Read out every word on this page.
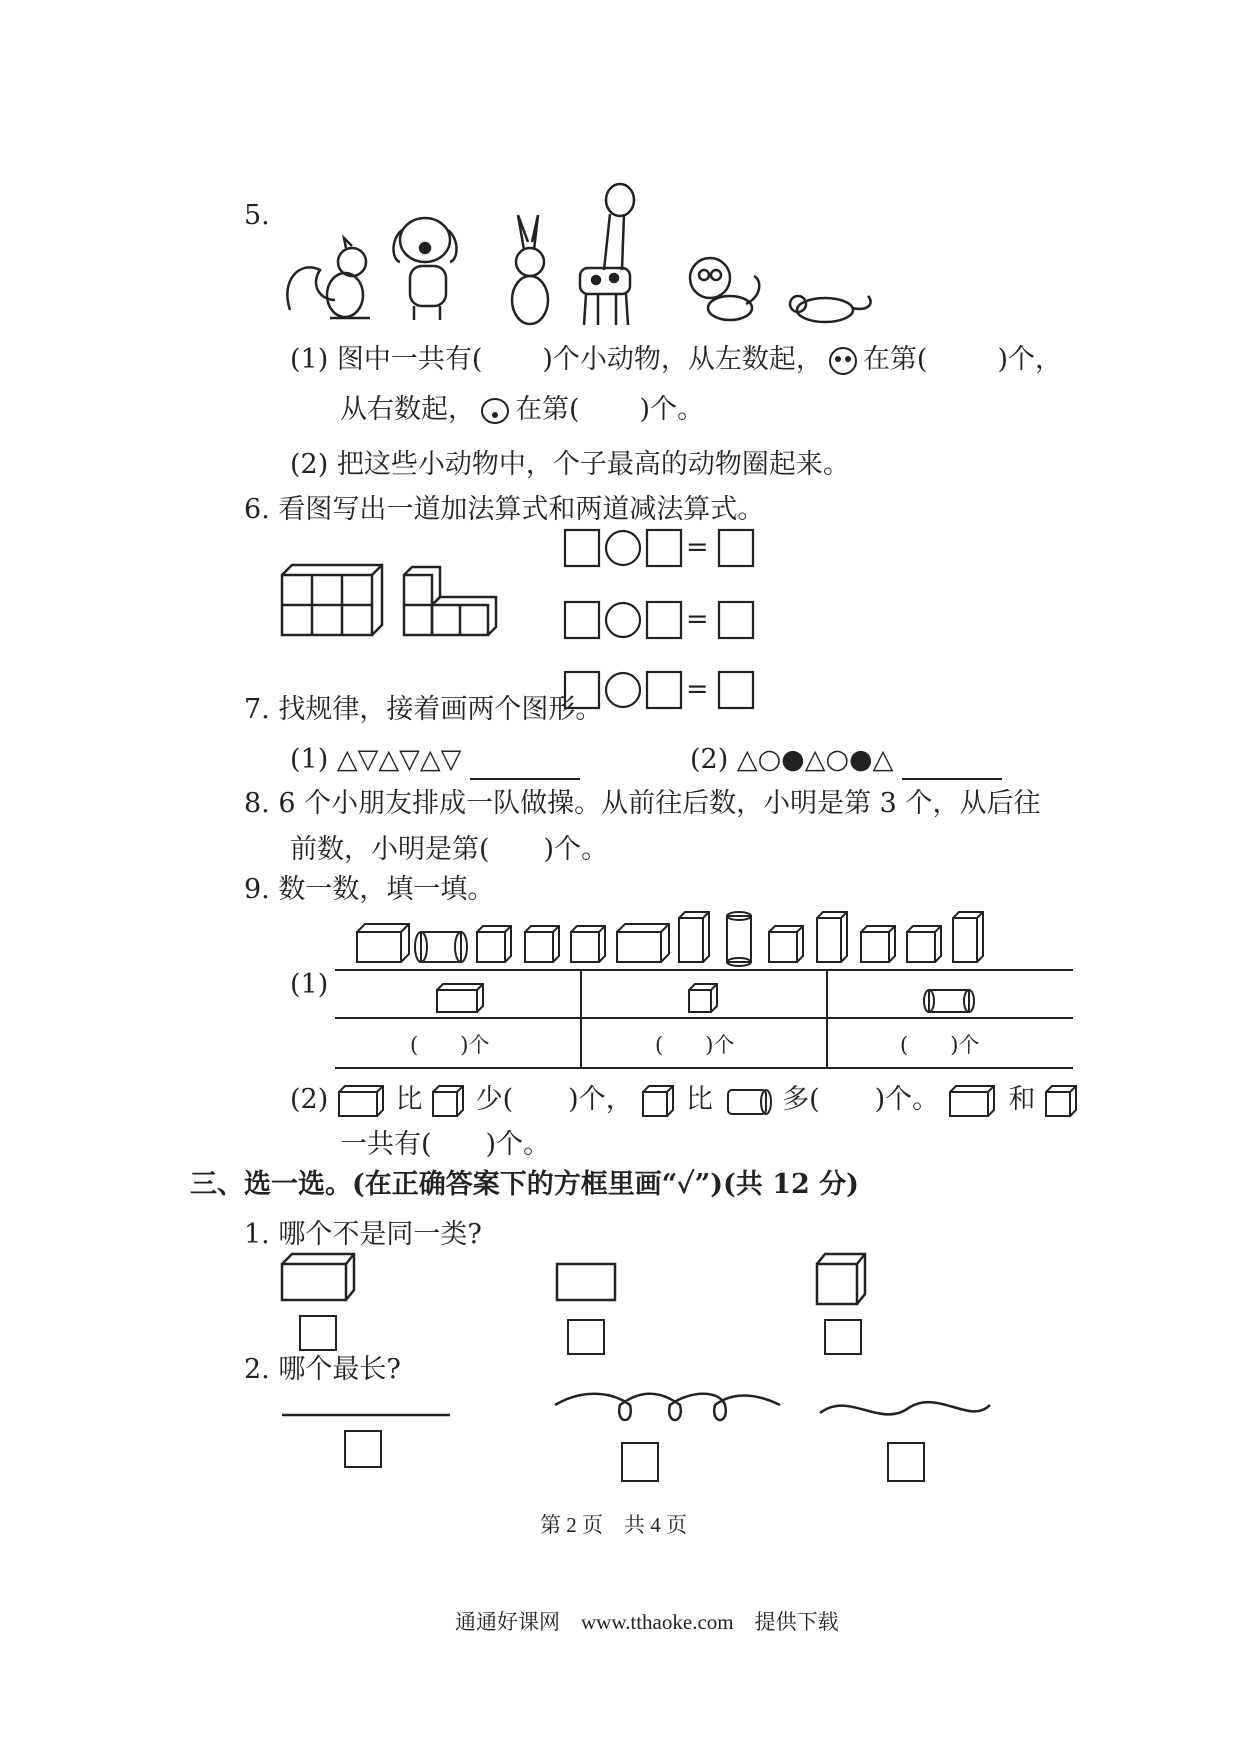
5.
(1) 图中一共有( )个小动物，从左数起， 在第(	)个，
从右数起， 在第( )个。
(2) 把这些小动物中，个子最高的动物圈起来。
6. 看图写出一道加法算式和两道减法算式。
=
=
=
7. 找规律，接着画两个图形。
(1) △▽△▽△▽	(2) △○●△○●△
8. 6 个小朋友排成一队做操。从前往后数，小明是第 3 个，从后往
前数，小明是第(　　)个。
9. 数一数，填一填。
(1)
(　　)个	(　　)个	(　　)个
(2) 比 少( )个， 比	多( )个。	和
一共有(　　)个。
三、选一选。(在正确答案下的方框里画“✓”)(共 12 分)
1. 哪个不是同一类?
2. 哪个最长?
第 2 页　共 4 页
通通好课网　www.tthaoke.com　提供下载
